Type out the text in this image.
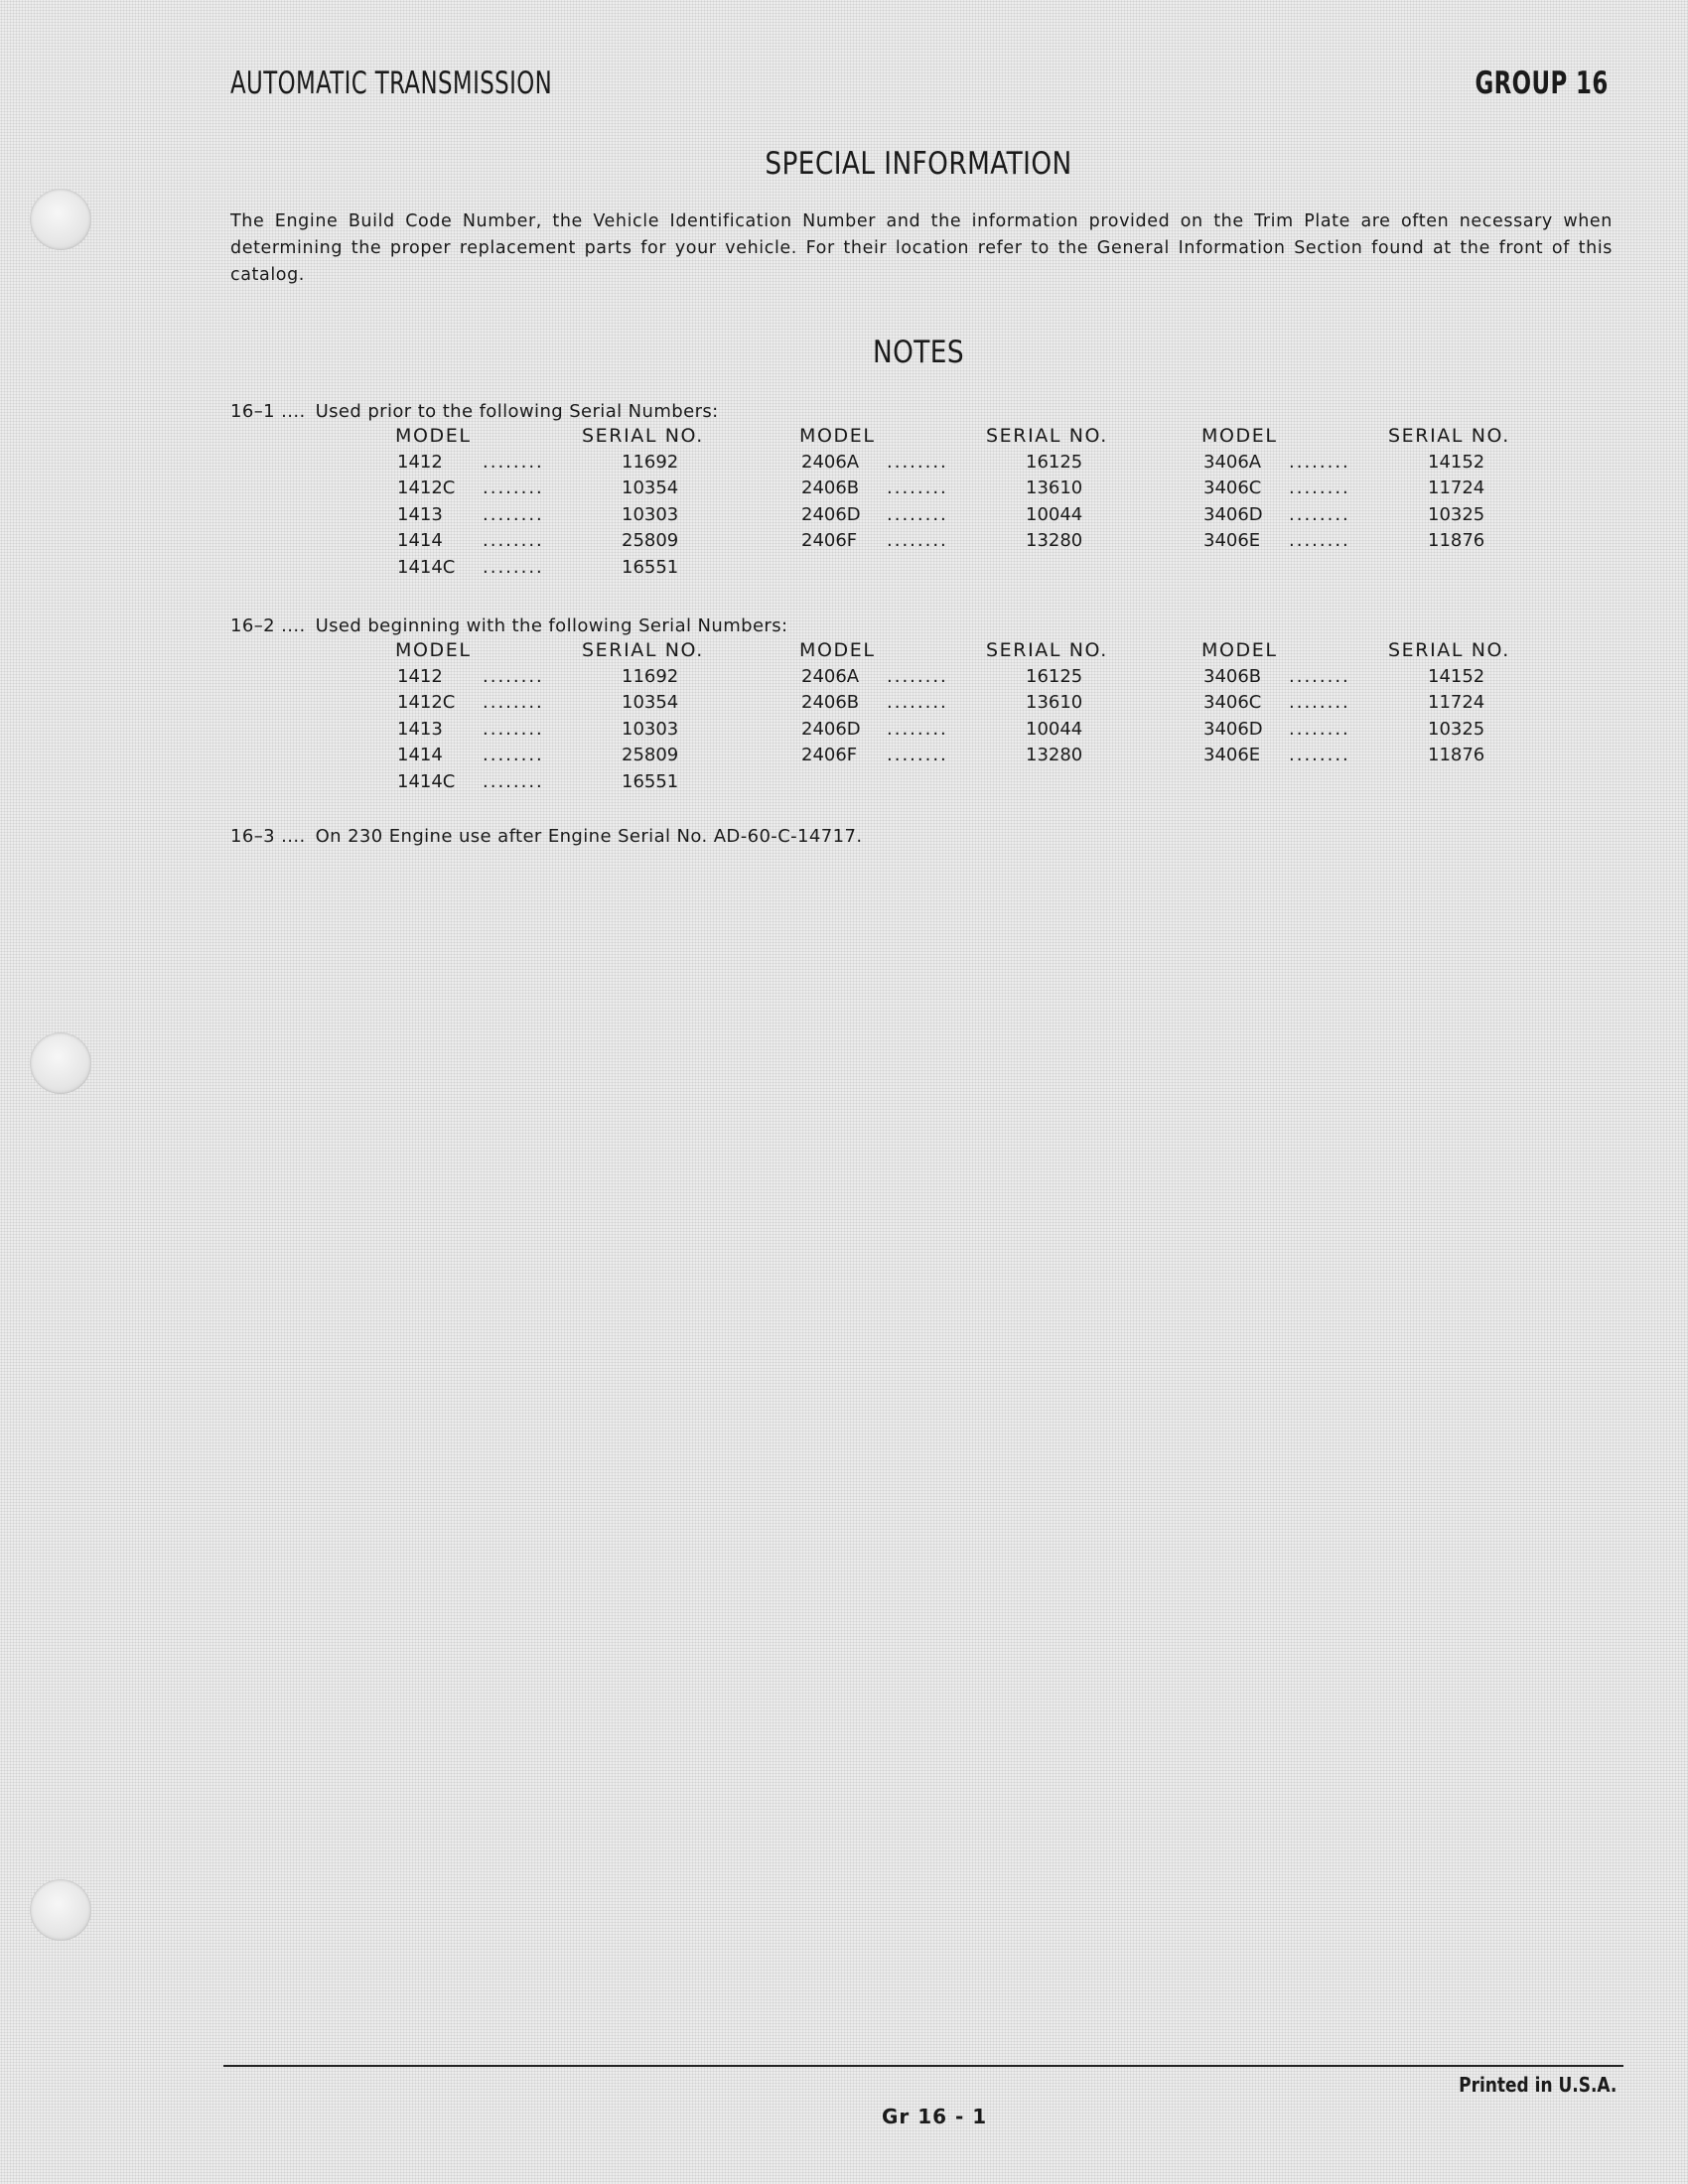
AUTOMATIC TRANSMISSION	GROUP 16
SPECIAL INFORMATION
The Engine Build Code Number, the Vehicle Identification Number and the information provided on the Trim Plate are often necessary when determining the proper replacement parts for your vehicle. For their location refer to the General Information Section found at the front of this catalog.
NOTES
16–1 .... Used prior to the following Serial Numbers:
MODEL	SERIAL NO.
1412 ........	11692
1412C ........	10354
1413 ........	10303
1414 ........	25809
1414C ........	16551
MODEL	SERIAL NO.
2406A ........	16125
2406B ........	13610
2406D ........	10044
2406F ........	13280
MODEL	SERIAL NO.
3406A ........	14152
3406C ........	11724
3406D ........	10325
3406E ........	11876
16–2 .... Used beginning with the following Serial Numbers:
MODEL	SERIAL NO.
1412 ........	11692
1412C ........	10354
1413 ........	10303
1414 ........	25809
1414C ........	16551
MODEL	SERIAL NO.
2406A ........	16125
2406B ........	13610
2406D ........	10044
2406F ........	13280
MODEL	SERIAL NO.
3406B ........	14152
3406C ........	11724
3406D ........	10325
3406E ........	11876
16–3 .... On 230 Engine use after Engine Serial No. AD-60-C-14717.
Printed in U.S.A.
Gr 16 - 1
